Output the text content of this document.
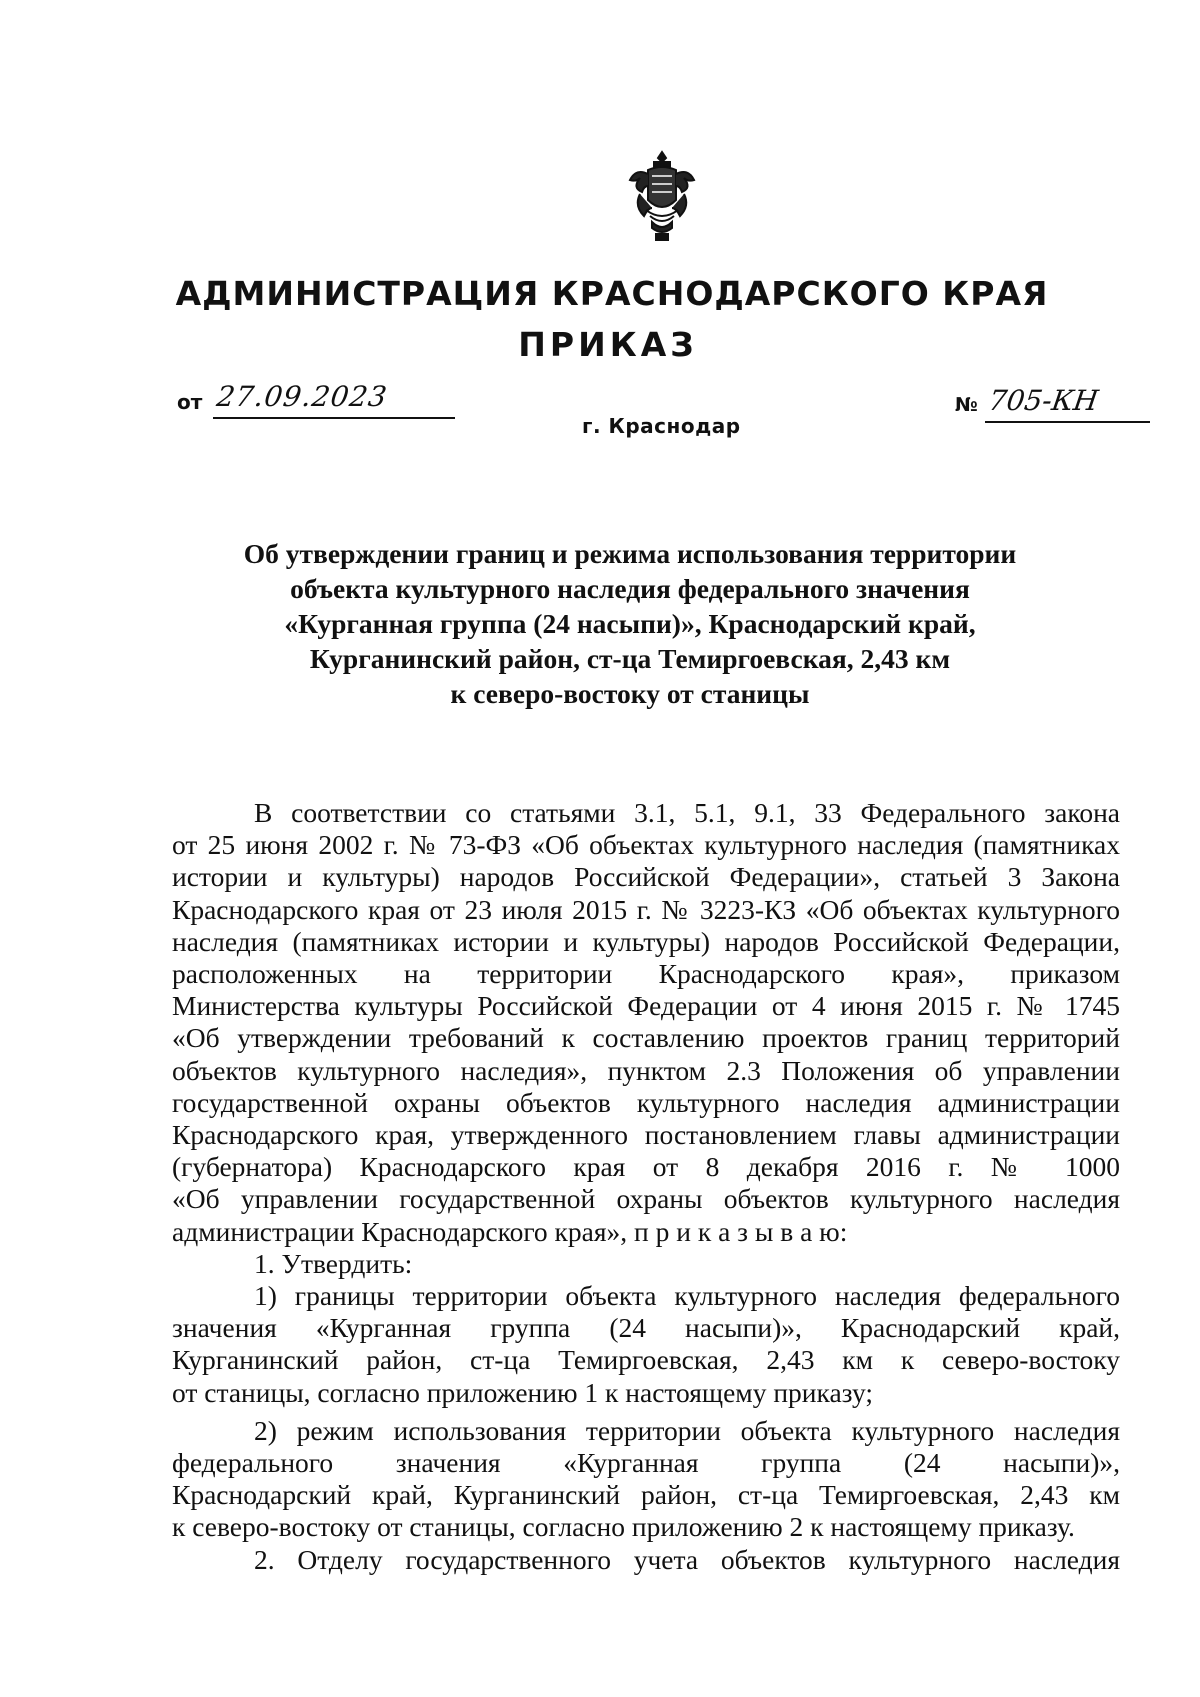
АДМИНИСТРАЦИЯ КРАСНОДАРСКОГО КРАЯ
ПРИКАЗ
от 27.09.2023
г. Краснодар
№ 705-КН
Об утверждении границ и режима использования территории
объекта культурного наследия федерального значения
«Курганная группа (24 насыпи)», Краснодарский край,
Курганинский район, ст-ца Темиргоевская, 2,43 км
к северо-востоку от станицы
В соответствии со статьями 3.1, 5.1, 9.1, 33 Федерального закона
от 25 июня 2002 г. № 73-ФЗ «Об объектах культурного наследия (памятниках
истории и культуры) народов Российской Федерации», статьей 3 Закона
Краснодарского края от 23 июля 2015 г. № 3223-КЗ «Об объектах культурного
наследия (памятниках истории и культуры) народов Российской Федерации,
расположенных на территории Краснодарского края», приказом
Министерства культуры Российской Федерации от 4 июня 2015 г. № 1745
«Об утверждении требований к составлению проектов границ территорий
объектов культурного наследия», пунктом 2.3 Положения об управлении
государственной охраны объектов культурного наследия администрации
Краснодарского края, утвержденного постановлением главы администрации
(губернатора) Краснодарского края от 8 декабря 2016 г. № 1000
«Об управлении государственной охраны объектов культурного наследия
администрации Краснодарского края», п р и к а з ы в а ю:
1. Утвердить:
1) границы территории объекта культурного наследия федерального
значения «Курганная группа (24 насыпи)», Краснодарский край,
Курганинский район, ст-ца Темиргоевская, 2,43 км к северо-востоку
от станицы, согласно приложению 1 к настоящему приказу;
2) режим использования территории объекта культурного наследия
федерального значения «Курганная группа (24 насыпи)»,
Краснодарский край, Курганинский район, ст-ца Темиргоевская, 2,43 км
к северо-востоку от станицы, согласно приложению 2 к настоящему приказу.
2. Отделу государственного учета объектов культурного наследия
